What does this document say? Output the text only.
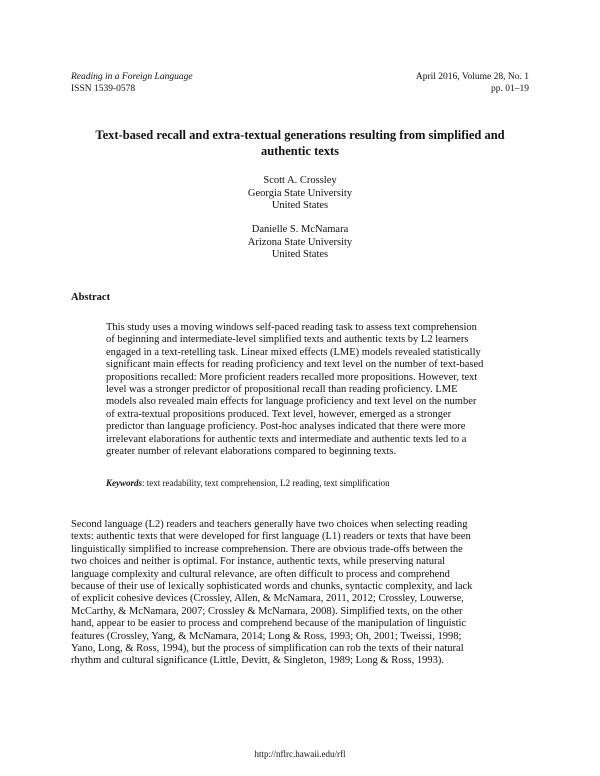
Reading in a Foreign Language
ISSN 1539-0578
April 2016, Volume 28, No. 1
pp. 01–19
Text-based recall and extra-textual generations resulting from simplified and
authentic texts
Scott A. Crossley
Georgia State University
United States
Danielle S. McNamara
Arizona State University
United States
Abstract
This study uses a moving windows self-paced reading task to assess text comprehension
of beginning and intermediate-level simplified texts and authentic texts by L2 learners
engaged in a text-retelling task. Linear mixed effects (LME) models revealed statistically
significant main effects for reading proficiency and text level on the number of text-based
propositions recalled: More proficient readers recalled more propositions. However, text
level was a stronger predictor of propositional recall than reading proficiency. LME
models also revealed main effects for language proficiency and text level on the number
of extra-textual propositions produced. Text level, however, emerged as a stronger
predictor than language proficiency. Post-hoc analyses indicated that there were more
irrelevant elaborations for authentic texts and intermediate and authentic texts led to a
greater number of relevant elaborations compared to beginning texts.
Keywords: text readability, text comprehension, L2 reading, text simplification
Second language (L2) readers and teachers generally have two choices when selecting reading
texts: authentic texts that were developed for first language (L1) readers or texts that have been
linguistically simplified to increase comprehension. There are obvious trade-offs between the
two choices and neither is optimal. For instance, authentic texts, while preserving natural
language complexity and cultural relevance, are often difficult to process and comprehend
because of their use of lexically sophisticated words and chunks, syntactic complexity, and lack
of explicit cohesive devices (Crossley, Allen, & McNamara, 2011, 2012; Crossley, Louwerse,
McCarthy, & McNamara, 2007; Crossley & McNamara, 2008). Simplified texts, on the other
hand, appear to be easier to process and comprehend because of the manipulation of linguistic
features (Crossley, Yang, & McNamara, 2014; Long & Ross, 1993; Oh, 2001; Tweissi, 1998;
Yano, Long, & Ross, 1994), but the process of simplification can rob the texts of their natural
rhythm and cultural significance (Little, Devitt, & Singleton, 1989; Long & Ross, 1993).
http://nflrc.hawaii.edu/rfl
